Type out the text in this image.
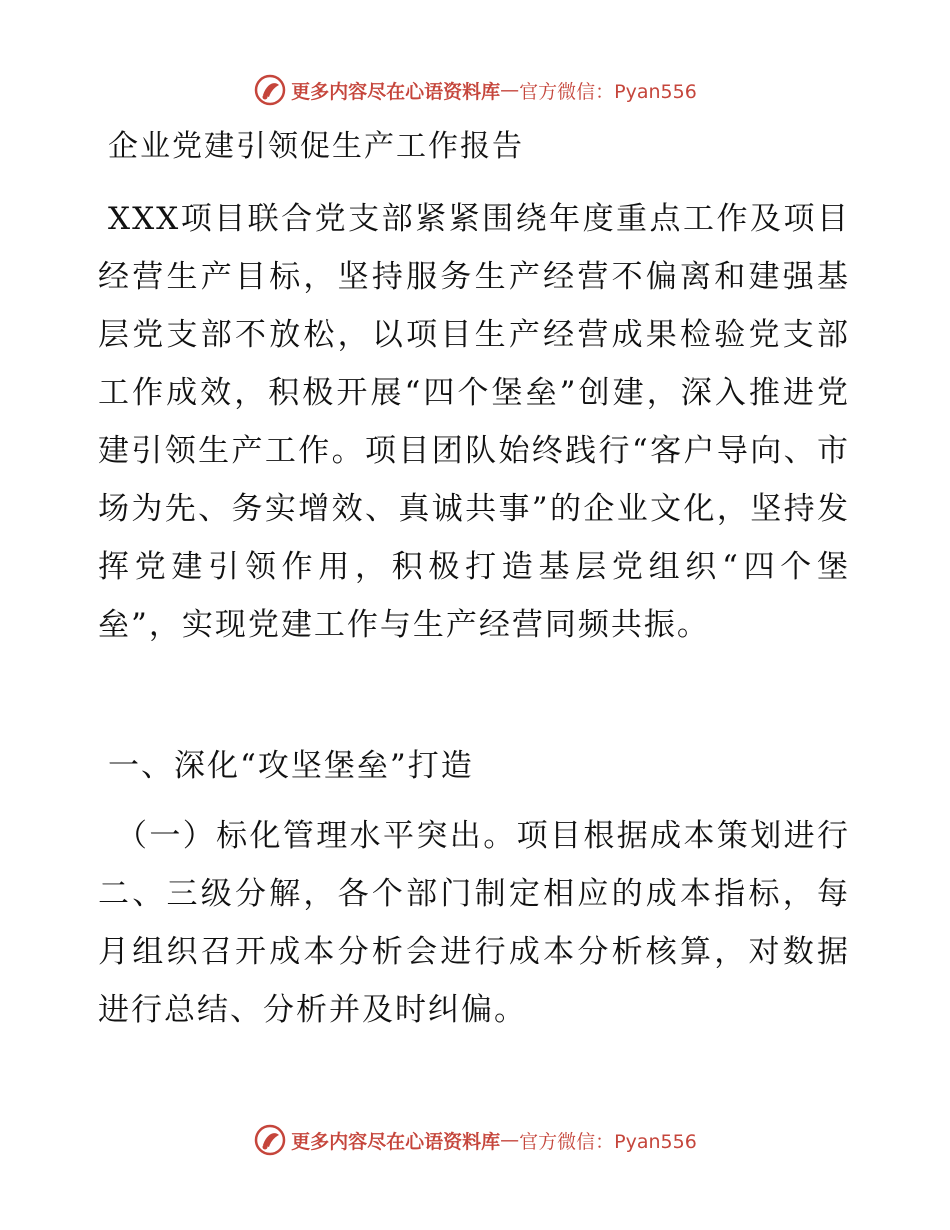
更多内容尽在心语资料库 — 官方微信：Pyan556
企业党建引领促生产工作报告

XXX项目联合党支部紧紧围绕年度重点工作及项目经营生产目标，坚持服务生产经营不偏离和建强基层党支部不放松，以项目生产经营成果检验党支部工作成效，积极开展“四个堡垒”创建，深入推进党建引领生产工作。项目团队始终践行“客户导向、市场为先、务实增效、真诚共事”的企业文化，坚持发挥党建引领作用，积极打造基层党组织“四个堡垒”，实现党建工作与生产经营同频共振。

一、深化“攻坚堡垒”打造

（一）标化管理水平突出。项目根据成本策划进行二、三级分解，各个部门制定相应的成本指标，每月组织召开成本分析会进行成本分析核算，对数据进行总结、分析并及时纠偏。

更多内容尽在心语资料库 — 官方微信：Pyan556
